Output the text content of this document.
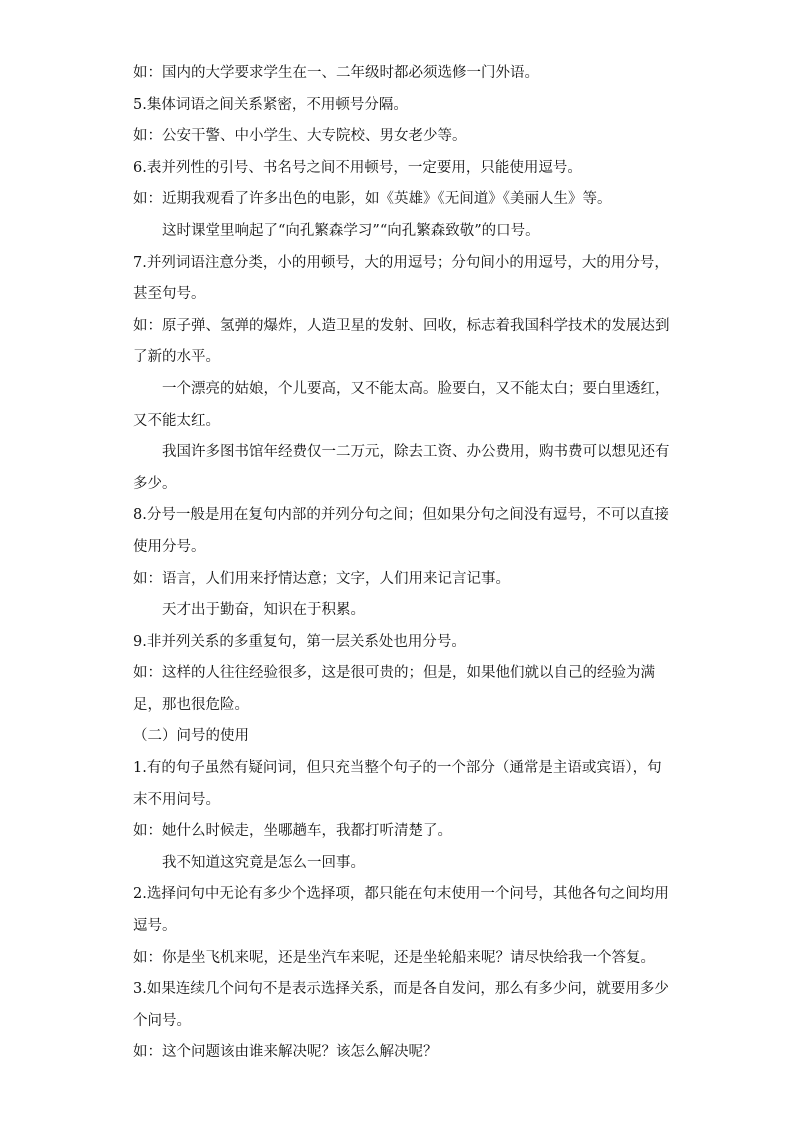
如：国内的大学要求学生在一、二年级时都必须选修一门外语。

5.集体词语之间关系紧密，不用顿号分隔。

如：公安干警、中小学生、大专院校、男女老少等。

6.表并列性的引号、书名号之间不用顿号，一定要用，只能使用逗号。

如：近期我观看了许多出色的电影，如《英雄》《无间道》《美丽人生》等。

这时课堂里响起了“向孔繁森学习”“向孔繁森致敬”的口号。

7.并列词语注意分类，小的用顿号，大的用逗号；分句间小的用逗号，大的用分号，甚至句号。

如：原子弹、氢弹的爆炸，人造卫星的发射、回收，标志着我国科学技术的发展达到了新的水平。

一个漂亮的姑娘，个儿要高，又不能太高。脸要白，又不能太白；要白里透红，又不能太红。

我国许多图书馆年经费仅一二万元，除去工资、办公费用，购书费可以想见还有多少。

8.分号一般是用在复句内部的并列分句之间；但如果分句之间没有逗号，不可以直接使用分号。

如：语言，人们用来抒情达意；文字，人们用来记言记事。

天才出于勤奋，知识在于积累。

9.非并列关系的多重复句，第一层关系处也用分号。

如：这样的人往往经验很多，这是很可贵的；但是，如果他们就以自己的经验为满足，那也很危险。

（二）问号的使用

1.有的句子虽然有疑问词，但只充当整个句子的一个部分（通常是主语或宾语），句末不用问号。

如：她什么时候走，坐哪趟车，我都打听清楚了。

我不知道这究竟是怎么一回事。

2.选择问句中无论有多少个选择项，都只能在句末使用一个问号，其他各句之间均用逗号。

如：你是坐飞机来呢，还是坐汽车来呢，还是坐轮船来呢？请尽快给我一个答复。

3.如果连续几个问句不是表示选择关系，而是各自发问，那么有多少问，就要用多少个问号。

如：这个问题该由谁来解决呢？该怎么解决呢？
